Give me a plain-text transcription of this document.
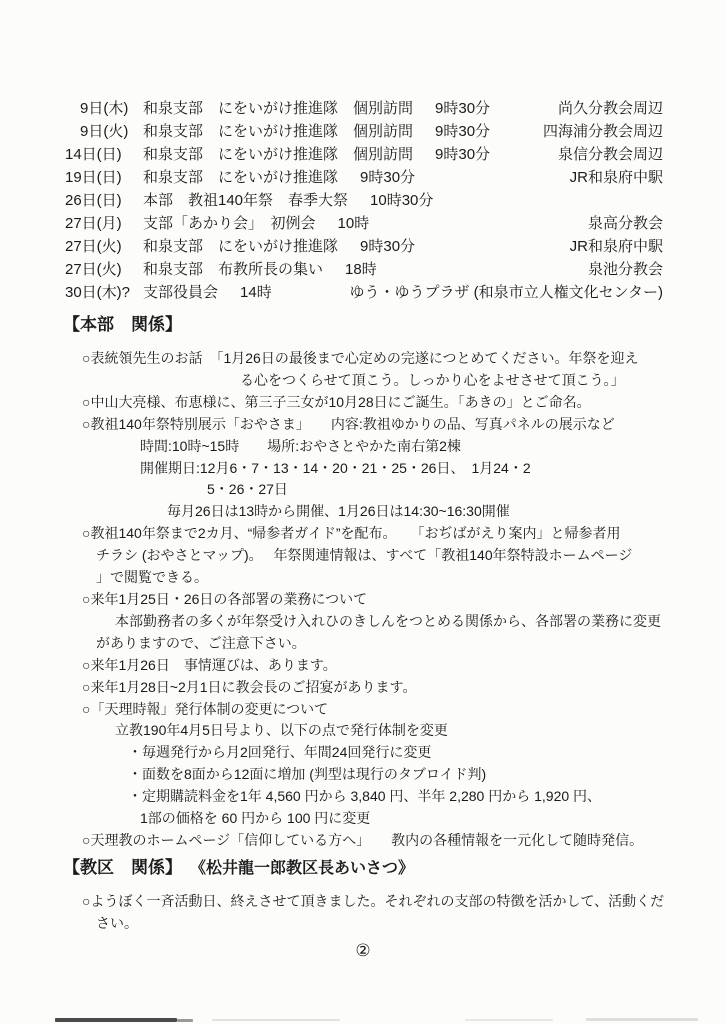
　9日(木) 和泉支部　にをいがけ推進隊　個別訪問 9時30分	尚久分教会周辺
　9日(火) 和泉支部　にをいがけ推進隊　個別訪問 9時30分	四海浦分教会周辺
14日(日)	和泉支部　にをいがけ推進隊　個別訪問 9時30分	泉信分教会周辺
19日(日)	和泉支部　にをいがけ推進隊 9時30分	JR和泉府中駅
26日(日)	本部　教祖140年祭　春季大祭 10時30分
27日(月)	支部「あかり会」　初例会 10時	泉高分教会
27日(火)	和泉支部　にをいがけ推進隊 9時30分	JR和泉府中駅
27日(火)	和泉支部　布教所長の集い 18時	泉池分教会
30日(木)? 支部役員会 14時	ゆう・ゆうプラザ (和泉市立人権文化センター)
【本部　関係】
○表統領先生のお話　「1月26日の最後まで心定めの完遂につとめてください。年祭を迎え
る心をつくらせて頂こう。しっかり心をよせさせて頂こう。」
○中山大亮様、布恵様に、第三子三女が10月28日にご誕生。「あきの」とご命名。
○教祖140年祭特別展示「おやさま」　　内容:教祖ゆかりの品、写真パネルの展示など
時間:10時~15時　　場所:おやさとやかた南右第2棟
開催期日:12月6・7・13・14・20・21・25・26日、　1月24・2
5・26・27日
毎月26日は13時から開催、1月26日は14:30~16:30開催
○教祖140年祭まで2カ月、“帰参者ガイド”を配布。　　「おぢばがえり案内」と帰参者用
チラシ (おやさとマップ)。　 年祭関連情報は、すべて「教祖140年祭特設ホームページ
」で閲覧できる。
○来年1月25日・26日の各部署の業務について
本部勤務者の多くが年祭受け入れひのきしんをつとめる関係から、各部署の業務に変更
がありますので、ご注意下さい。
○来年1月26日　事情運びは、あります。
○来年1月28日~2月1日に教会長のご招宴があります。
○「天理時報」発行体制の変更について
立教190年4月5日号より、以下の点で発行体制を変更
・毎週発行から月2回発行、年間24回発行に変更
・面数を8面から12面に増加 (判型は現行のタブロイド判)
・定期購読料金を1年 4,560 円から 3,840 円、半年 2,280 円から 1,920 円、
1部の価格を 60 円から 100 円に変更
○天理教のホームページ「信仰している方へ」　　教内の各種情報を一元化して随時発信。
【教区　関係】 《松井龍一郎教区長あいさつ》
○ようぼく一斉活動日、終えさせて頂きました。それぞれの支部の特徴を活かして、活動くだ
さい。
②
